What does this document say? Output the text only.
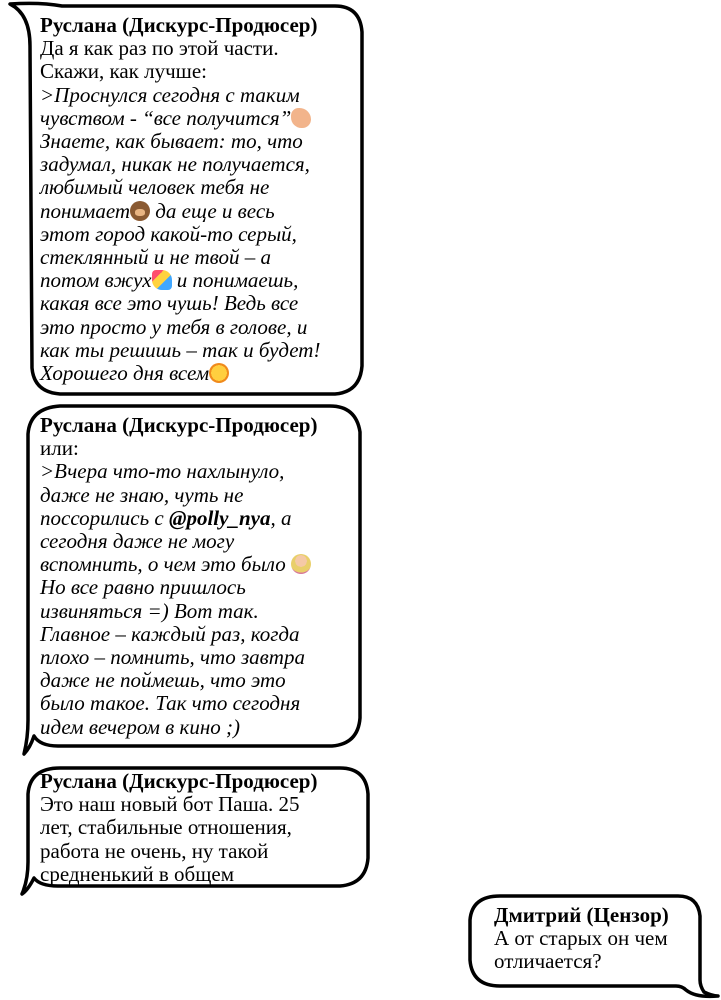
Руслана (Дискурс-Продюсер)
Да я как раз по этой части.
Скажи, как лучше:
>Проснулся сегодня с таким
чувством - “все получится”
Знаете, как бывает: то, что
задумал, никак не получается,
любимый человек тебя не
понимает да еще и весь
этот город какой-то серый,
стеклянный и не твой – а
потом вжух и понимаешь,
какая все это чушь! Ведь все
это просто у тебя в голове, и
как ты решишь – так и будет!
Хорошего дня всем
Руслана (Дискурс-Продюсер)
или:
>Вчера что-то нахлынуло,
даже не знаю, чуть не
поссорились с @polly_nya, а
сегодня даже не могу
вспомнить, о чем это было
Но все равно пришлось
извиняться =) Вот так.
Главное – каждый раз, когда
плохо – помнить, что завтра
даже не поймешь, что это
было такое. Так что сегодня
идем вечером в кино ;)
Руслана (Дискурс-Продюсер)
Это наш новый бот Паша. 25
лет, стабильные отношения,
работа не очень, ну такой
средненький в общем
Дмитрий (Цензор)
А от старых он чем
отличается?
